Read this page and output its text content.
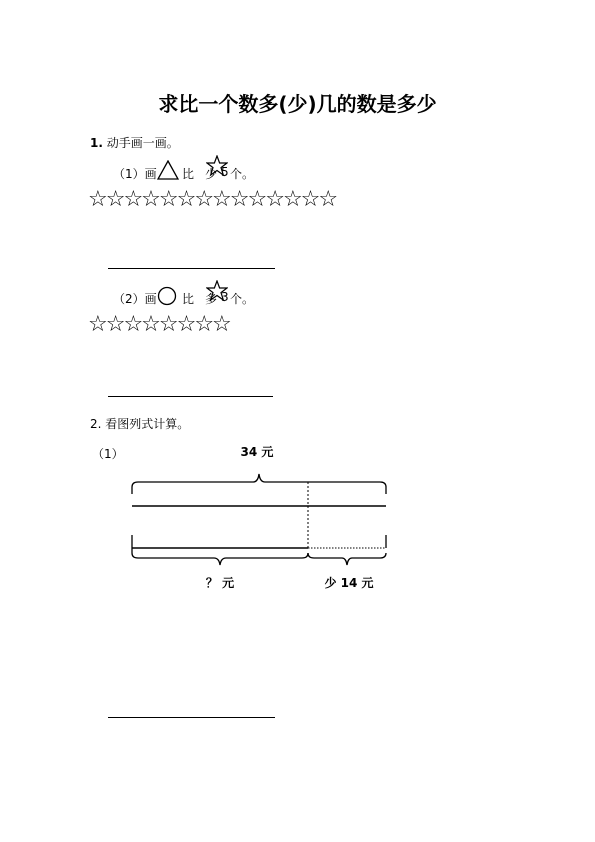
求比一个数多(少)几的数是多少
1. 动手画一画。
（1）画 比 少 5 个。
☆☆☆☆☆☆☆☆☆☆☆☆☆☆
（2）画 比 多 3 个。
☆☆☆☆☆☆☆☆
2. 看图列式计算。
（1）	34 元
？ 元	少 14 元
